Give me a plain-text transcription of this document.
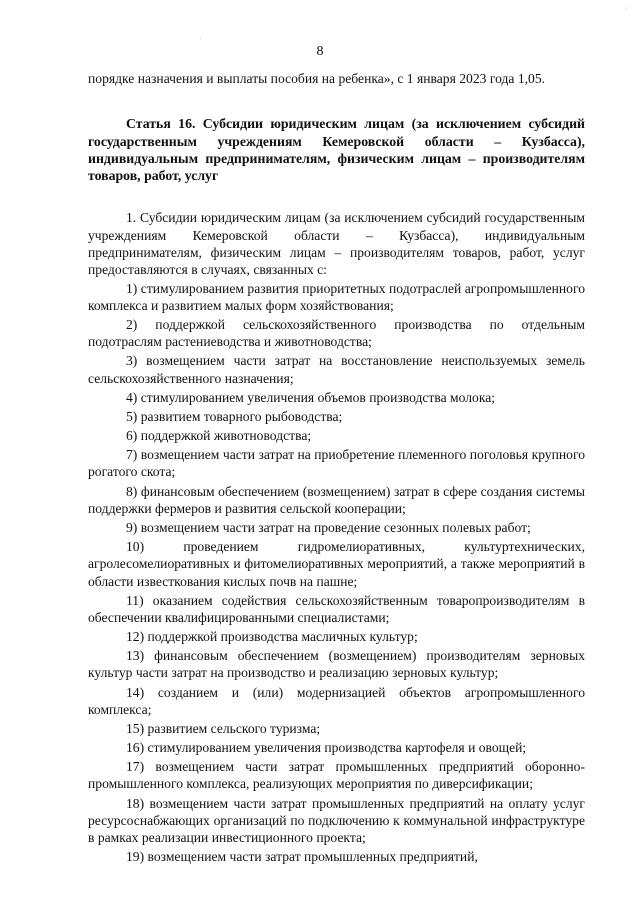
'
'
8

порядке назначения и выплаты пособия на ребенка», с 1 января 2023 года 1,05.

Статья 16. Субсидии юридическим лицам (за исключением субсидий государственным учреждениям Кемеровской области – Кузбасса), индивидуальным предпринимателям, физическим лицам – производителям товаров, работ, услуг

1. Субсидии юридическим лицам (за исключением субсидий государственным учреждениям Кемеровской области – Кузбасса), индивидуальным предпринимателям, физическим лицам – производителям товаров, работ, услуг предоставляются в случаях, связанных с:

1) стимулированием развития приоритетных подотраслей агропромышленного комплекса и развитием малых форм хозяйствования;
2) поддержкой сельскохозяйственного производства по отдельным подотраслям растениеводства и животноводства;
3) возмещением части затрат на восстановление неиспользуемых земель сельскохозяйственного назначения;
4) стимулированием увеличения объемов производства молока;
5) развитием товарного рыбоводства;
6) поддержкой животноводства;
7) возмещением части затрат на приобретение племенного поголовья крупного рогатого скота;
8) финансовым обеспечением (возмещением) затрат в сфере создания системы поддержки фермеров и развития сельской кооперации;
9) возмещением части затрат на проведение сезонных полевых работ;
10) проведением гидромелиоративных, культуртехнических, агролесомелиоративных и фитомелиоративных мероприятий, а также мероприятий в области известкования кислых почв на пашне;
11) оказанием содействия сельскохозяйственным товаропроизводителям в обеспечении квалифицированными специалистами;
12) поддержкой производства масличных культур;
13) финансовым обеспечением (возмещением) производителям зерновых культур части затрат на производство и реализацию зерновых культур;
14) созданием и (или) модернизацией объектов агропромышленного комплекса;
15) развитием сельского туризма;
16) стимулированием увеличения производства картофеля и овощей;
17) возмещением части затрат промышленных предприятий оборонно-промышленного комплекса, реализующих мероприятия по диверсификации;
18) возмещением части затрат промышленных предприятий на оплату услуг ресурсоснабжающих организаций по подключению к коммунальной инфраструктуре в рамках реализации инвестиционного проекта;
19) возмещением части затрат промышленных предприятий,
